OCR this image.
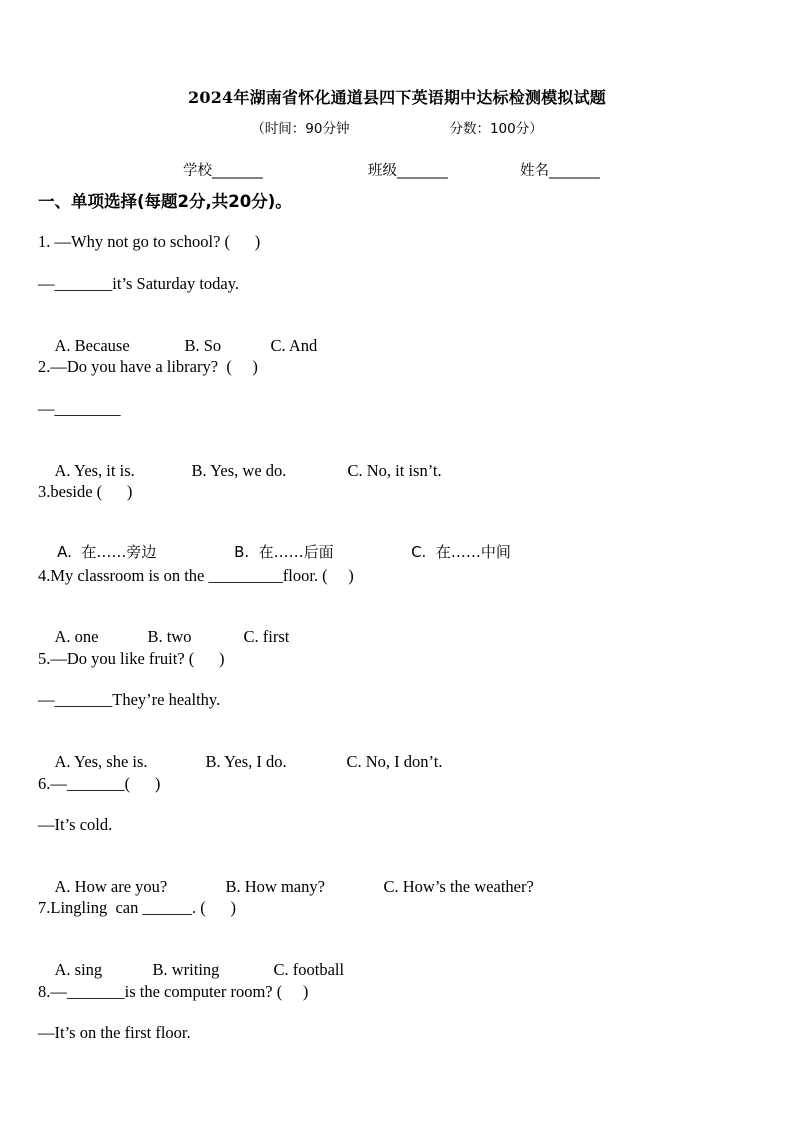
2024年湖南省怀化通道县四下英语期中达标检测模拟试题
（时间：90分钟	分数：100分）
学校_______	班级_______	姓名_______
一、单项选择(每题2分,共20分)。
1. —Why not go to school? (      )
—_______it’s Saturday today.

A. Because	B. So	C. And

2.—Do you have a library?  (     )
—________

A. Yes, it is.	B. Yes, we do.	C. No, it isn’t.

3.beside (      )

A.  在……旁边	B.  在……后面	C.  在……中间

4.My classroom is on the _________floor. (     )

A. one	B. two	C. first

5.—Do you like fruit? (      )
—_______They’re healthy.

A. Yes, she is.	B. Yes, I do.	C. No, I don’t.

6.—_______(      )
—It’s cold.

A. How are you?	B. How many?	C. How’s the weather?

7.Lingling  can ______. (      )

A. sing	B. writing	C. football

8.—_______is the computer room? (     )
—It’s on the first floor.
